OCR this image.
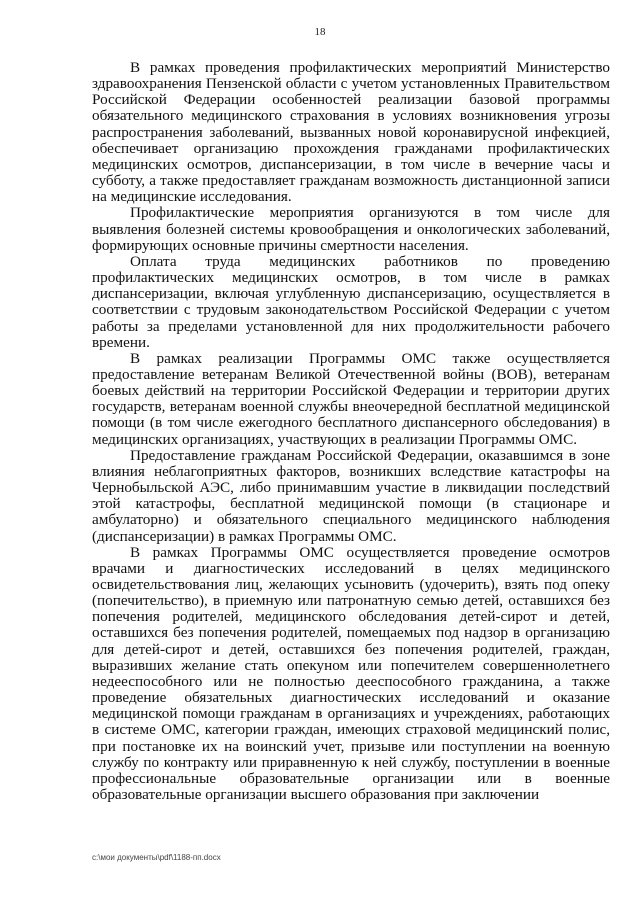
18

В рамках проведения профилактических мероприятий Министерство здравоохранения Пензенской области с учетом установленных Правительством Российской Федерации особенностей реализации базовой программы обязательного медицинского страхования в условиях возникновения угрозы распространения заболеваний, вызванных новой коронавирусной инфекцией, обеспечивает организацию прохождения гражданами профилактических медицинских осмотров, диспансеризации, в том числе в вечерние часы и субботу, а также предоставляет гражданам возможность дистанционной записи на медицинские исследования.

Профилактические мероприятия организуются в том числе для выявления болезней системы кровообращения и онкологических заболеваний, формирующих основные причины смертности населения.

Оплата труда медицинских работников по проведению профилактических медицинских осмотров, в том числе в рамках диспансеризации, включая углубленную диспансеризацию, осуществляется в соответствии с трудовым законодательством Российской Федерации с учетом работы за пределами установленной для них продолжительности рабочего времени.

В рамках реализации Программы ОМС также осуществляется предоставление ветеранам Великой Отечественной войны (ВОВ), ветеранам боевых действий на территории Российской Федерации и территории других государств, ветеранам военной службы внеочередной бесплатной медицинской помощи (в том числе ежегодного бесплатного диспансерного обследования) в медицинских организациях, участвующих в реализации Программы ОМС.

Предоставление гражданам Российской Федерации, оказавшимся в зоне влияния неблагоприятных факторов, возникших вследствие катастрофы на Чернобыльской АЭС, либо принимавшим участие в ликвидации последствий этой катастрофы, бесплатной медицинской помощи (в стационаре и амбулаторно) и обязательного специального медицинского наблюдения (диспансеризации) в рамках Программы ОМС.

В рамках Программы ОМС осуществляется проведение осмотров врачами и диагностических исследований в целях медицинского освидетельствования лиц, желающих усыновить (удочерить), взять под опеку (попечительство), в приемную или патронатную семью детей, оставшихся без попечения родителей, медицинского обследования детей-сирот и детей, оставшихся без попечения родителей, помещаемых под надзор в организацию для детей-сирот и детей, оставшихся без попечения родителей, граждан, выразивших желание стать опекуном или попечителем совершеннолетнего недееспособного или не полностью дееспособного гражданина, а также проведение обязательных диагностических исследований и оказание медицинской помощи гражданам в организациях и учреждениях, работающих в системе ОМС, категории граждан, имеющих страховой медицинский полис, при постановке их на воинский учет, призыве или поступлении на военную службу по контракту или приравненную к ней службу, поступлении в военные профессиональные образовательные организации или в военные образовательные организации высшего образования при заключении

c:\мои документы\pdf\1188-пп.docx
